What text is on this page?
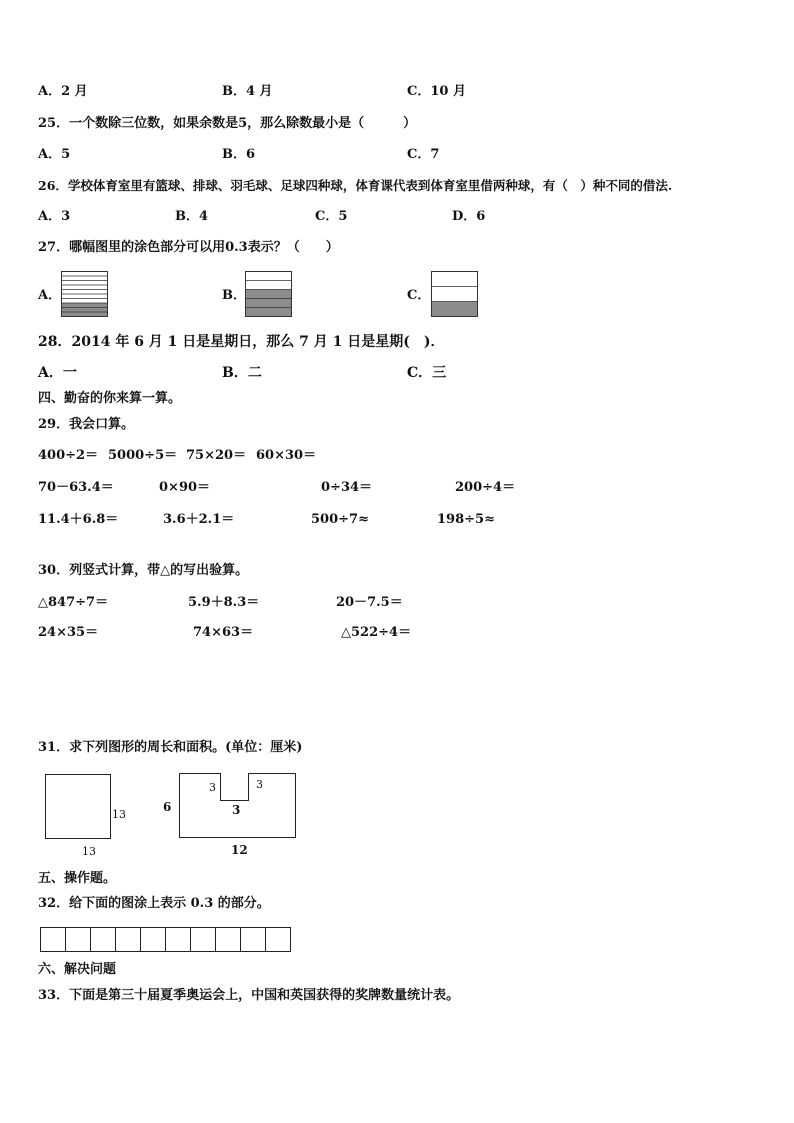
A．2 月	B．4 月	C．10 月
25．一个数除三位数，如果余数是5，那么除数最小是（　　　）
A．5	B．6	C．7
26．学校体育室里有篮球、排球、羽毛球、足球四种球，体育课代表到体育室里借两种球，有（　）种不同的借法.
A．3	B．4	C．5	D．6
27．哪幅图里的涂色部分可以用0.3表示？（　　）
A．	B．	C．
28．2014 年 6 月 1 日是星期日，那么 7 月 1 日是星期(　)．
A．一	B．二	C．三
四、勤奋的你来算一算。
29．我会口算。
400÷2＝ 5000÷5＝ 75×20＝ 60×30＝
70－63.4＝	0×90＝	0÷34＝	200÷4＝
11.4＋6.8＝	3.6＋2.1＝	500÷7≈	198÷5≈
30．列竖式计算，带△的写出验算。
△847÷7＝	5.9＋8.3＝	20－7.5＝
24×35＝	74×63＝	△522÷4＝
31．求下列图形的周长和面积。(单位：厘米)
13
13
6
3
3
3
12
五、操作题。
32．给下面的图涂上表示 0.3 的部分。
六、解决问题
33．下面是第三十届夏季奥运会上，中国和英国获得的奖牌数量统计表。
